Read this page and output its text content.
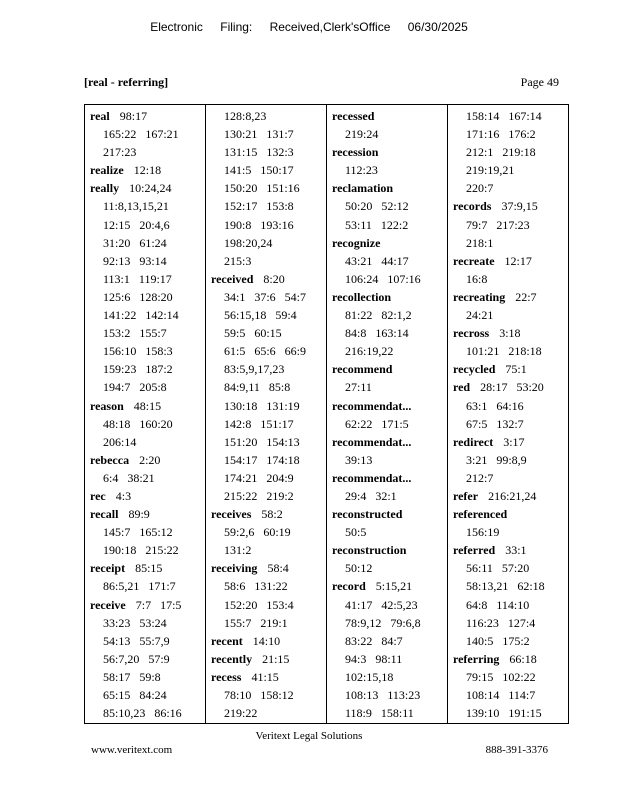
Electronic Filing: Received,Clerk'sOffice 06/30/2025
[real - referring]	Page 49
real 98:17
165:22   167:21
217:23
realize 12:18
really 10:24,24
11:8,13,15,21
12:15   20:4,6
31:20   61:24
92:13   93:14
113:1   119:17
125:6   128:20
141:22   142:14
153:2   155:7
156:10   158:3
159:23   187:2
194:7   205:8
reason 48:15
48:18   160:20
206:14
rebecca 2:20
6:4   38:21
rec 4:3
recall 89:9
145:7   165:12
190:18   215:22
receipt 85:15
86:5,21   171:7
receive 7:7   17:5
33:23   53:24
54:13   55:7,9
56:7,20   57:9
58:17   59:8
65:15   84:24
85:10,23   86:16
128:8,23
130:21   131:7
131:15   132:3
141:5   150:17
150:20   151:16
152:17   153:8
190:8   193:16
198:20,24
215:3
received 8:20
34:1   37:6   54:7
56:15,18   59:4
59:5   60:15
61:5   65:6   66:9
83:5,9,17,23
84:9,11   85:8
130:18   131:19
142:8   151:17
151:20   154:13
154:17   174:18
174:21   204:9
215:22   219:2
receives 58:2
59:2,6   60:19
131:2
receiving 58:4
58:6   131:22
152:20   153:4
155:7   219:1
recent 14:10
recently 21:15
recess 41:15
78:10   158:12
219:22
recessed
219:24
recession
112:23
reclamation
50:20   52:12
53:11   122:2
recognize
43:21   44:17
106:24   107:16
recollection
81:22   82:1,2
84:8   163:14
216:19,22
recommend
27:11
recommendat...
62:22   171:5
recommendat...
39:13
recommendat...
29:4   32:1
reconstructed
50:5
reconstruction
50:12
record 5:15,21
41:17   42:5,23
78:9,12   79:6,8
83:22   84:7
94:3   98:11
102:15,18
108:13   113:23
118:9   158:11
158:14   167:14
171:16   176:2
212:1   219:18
219:19,21
220:7
records 37:9,15
79:7   217:23
218:1
recreate 12:17
16:8
recreating 22:7
24:21
recross 3:18
101:21   218:18
recycled 75:1
red 28:17   53:20
63:1   64:16
67:5   132:7
redirect 3:17
3:21   99:8,9
212:7
refer 216:21,24
referenced
156:19
referred 33:1
56:11   57:20
58:13,21   62:18
64:8   114:10
116:23   127:4
140:5   175:2
referring 66:18
79:15   102:22
108:14   114:7
139:10   191:15
Veritext Legal Solutions
www.veritext.com	888-391-3376
